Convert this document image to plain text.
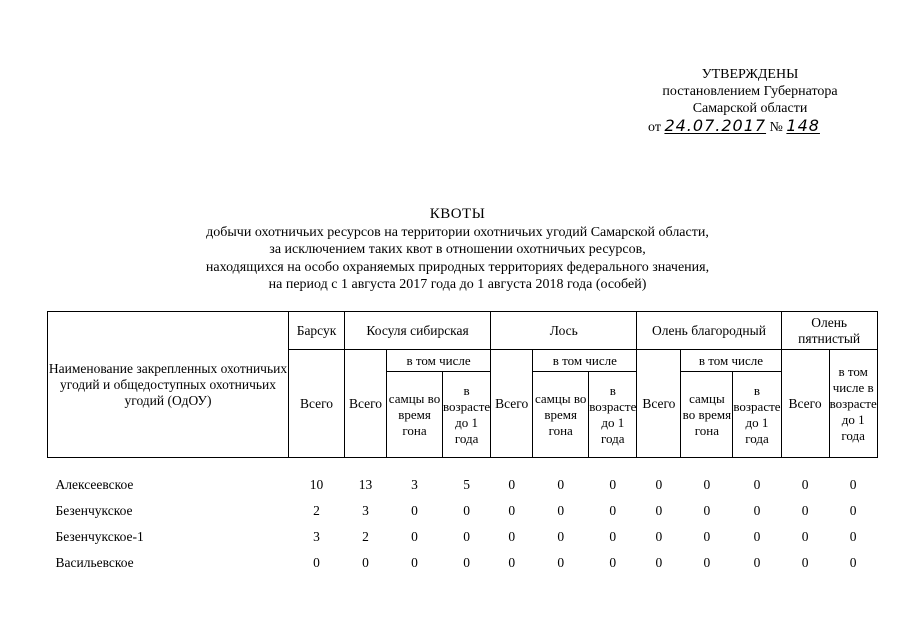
УТВЕРЖДЕНЫ
постановлением Губернатора
Самарской области
от 24.07.2017 № 148
КВОТЫ
добычи охотничьих ресурсов на территории охотничьих угодий Самарской области,
за исключением таких квот в отношении охотничьих ресурсов,
находящихся на особо охраняемых природных территориях федерального значения,
на период с 1 августа 2017 года до 1 августа 2018 года (особей)
Наименование закрепленных охотничьих угодий и общедоступных охотничьих угодий (ОдОУ)	Барсук	Косуля сибирская			Лось			Олень благородный			Олень пятнистый	
	Всего	Всего	в том числе		Всего	в том числе		Всего	в том числе		Всего	в том числе в возрасте до 1 года
			самцы во время гона	в возрасте до 1 года		самцы во время гона	в возрасте до 1 года		самцы во время гона	в возрасте до 1 года		
Алексеевское	10	13	3	5	0	0	0	0	0	0	0	0
Безенчукское	2	3	0	0	0	0	0	0	0	0	0	0
Безенчукское-1	3	2	0	0	0	0	0	0	0	0	0	0
Васильевское	0	0	0	0	0	0	0	0	0	0	0	0
